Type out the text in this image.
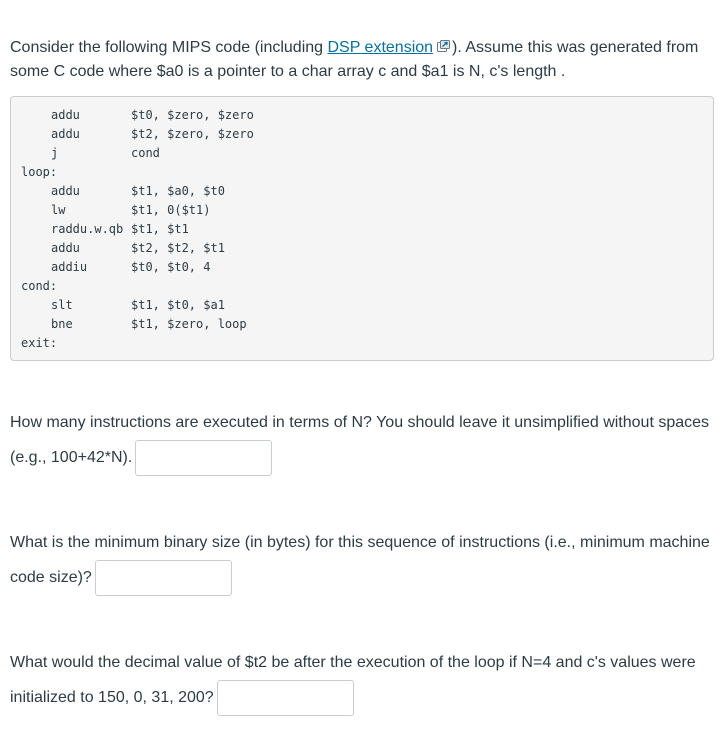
Consider the following MIPS code (including DSP extension ). Assume this was generated from some C code where $a0 is a pointer to a char array c and $a1 is N, c's length .
addu	$t0, $zero, $zero
addu	$t2, $zero, $zero
j	cond
loop:
addu	$t1, $a0, $t0
lw	$t1, 0($t1)
raddu.w.qb $t1, $t1
addu	$t2, $t2, $t1
addiu	$t0, $t0, 4
cond:
slt	$t1, $t0, $a1
bne	$t1, $zero, loop
exit:
How many instructions are executed in terms of N? You should leave it unsimplified without spaces (e.g., 100+42*N).
What is the minimum binary size (in bytes) for this sequence of instructions (i.e., minimum machine code size)?
What would the decimal value of $t2 be after the execution of the loop if N=4 and c's values were initialized to 150, 0, 31, 200?
